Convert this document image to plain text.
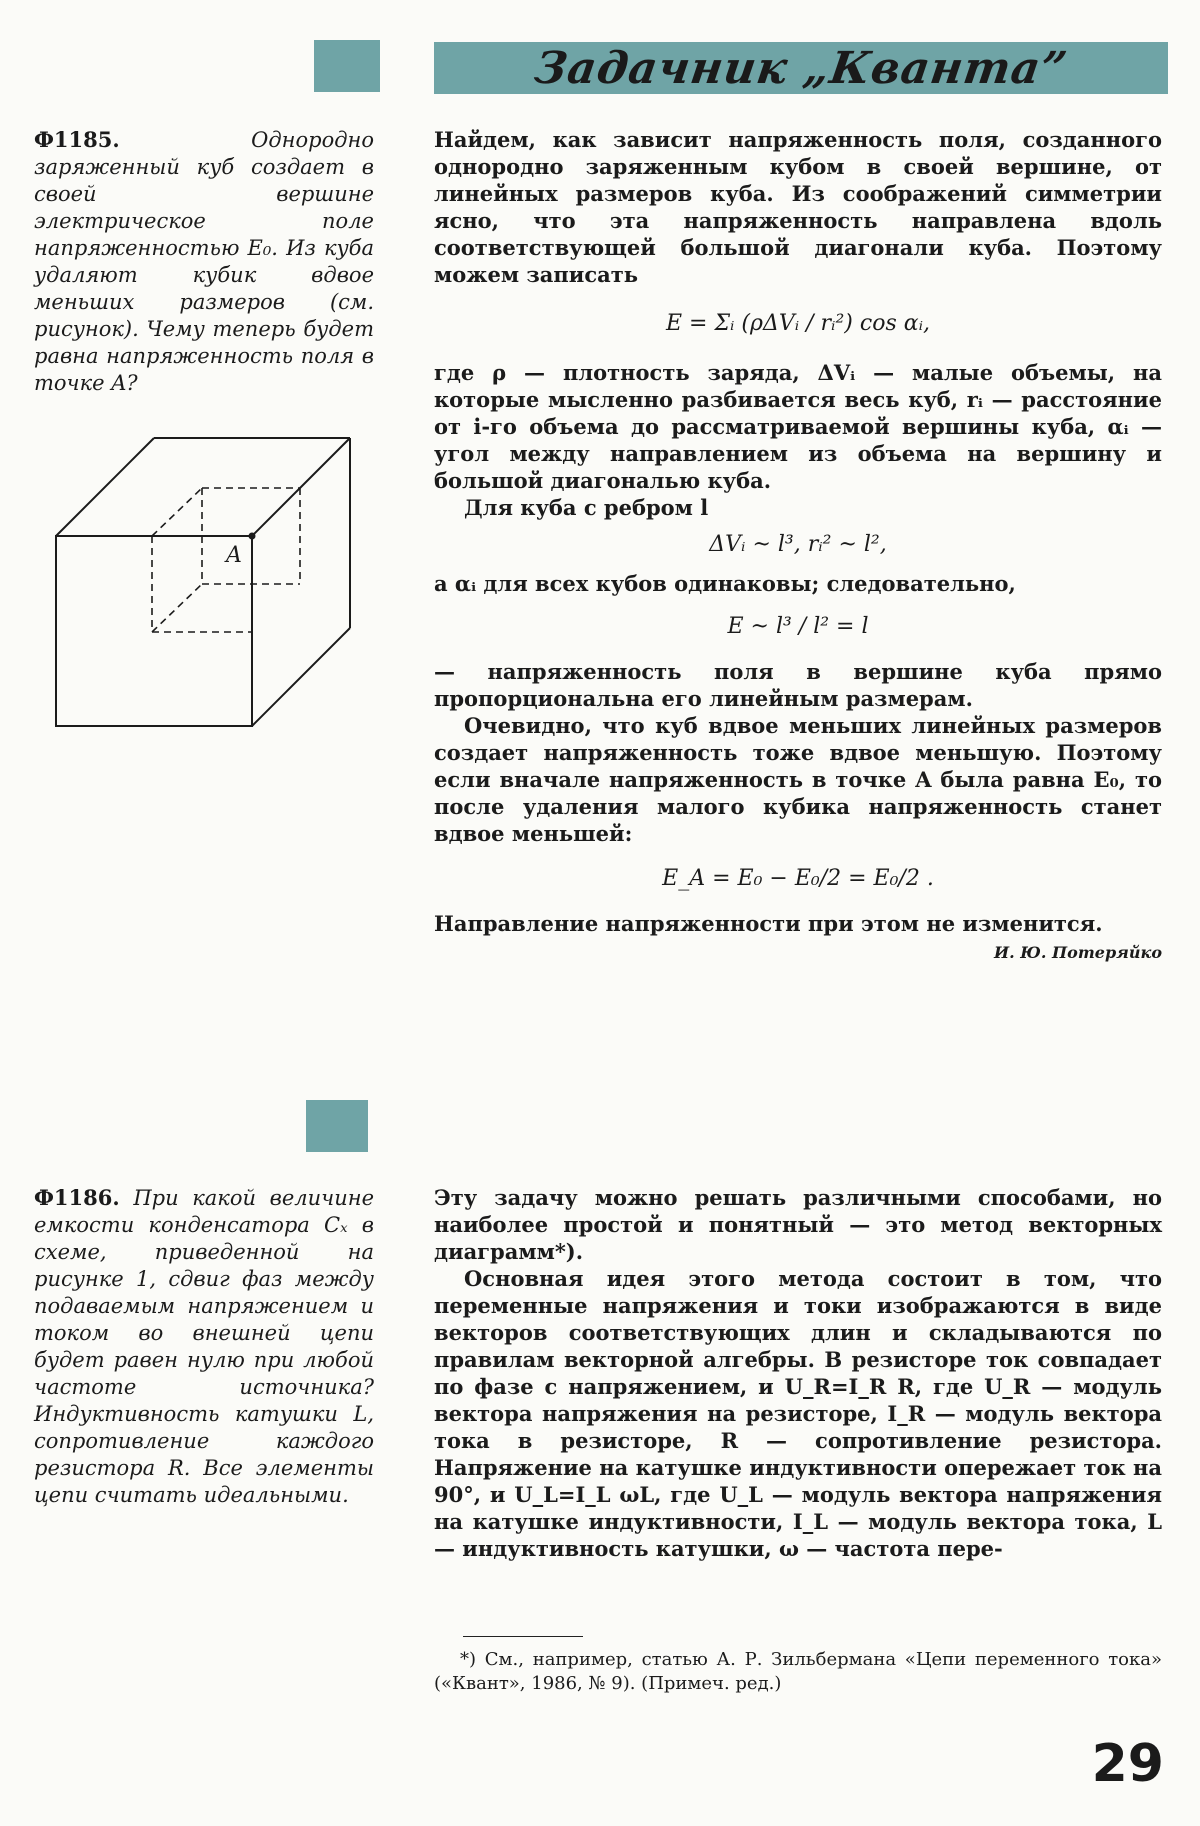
Задачник „Кванта”
Ф1185.	Однородно заряженный куб создает в своей вершине электрическое поле напряженностью E₀. Из куба удаляют кубик вдвое меньших размеров (см. рисунок). Чему теперь будет равна напряженность поля в точке A?
A

Найдем, как зависит напряженность поля, созданного однородно заряженным кубом в своей вершине, от линейных размеров куба. Из соображений симметрии ясно, что эта напряженность направлена вдоль соответствующей большой диагонали куба. Поэтому можем записать

E = Σᵢ (ρΔVᵢ / rᵢ²) cos αᵢ,

где ρ — плотность заряда, ΔVᵢ — малые объемы, на которые мысленно разбивается весь куб, rᵢ — расстояние от i-го объема до рассматриваемой вершины куба, αᵢ — угол между направлением из объема на вершину и большой диагональю куба.

Для куба с ребром l

ΔVᵢ ~ l³, rᵢ² ~ l²,

а αᵢ для всех кубов одинаковы; следовательно,

E ~ l³ / l² = l

— напряженность поля в вершине куба прямо пропорциональна его линейным размерам.

Очевидно, что куб вдвое меньших линейных размеров создает напряженность тоже вдвое меньшую. Поэтому если вначале напряженность в точке A была равна E₀, то после удаления малого кубика напряженность станет вдвое меньшей:

E_A = E₀ − E₀/2 = E₀/2 .

Направление напряженности при этом не изменится.

И. Ю. Потеряйко
Ф1186. При какой величине емкости конденсатора Cₓ в схеме, приведенной на рисунке 1, сдвиг фаз между подаваемым напряжением и током во внешней цепи будет равен нулю при любой частоте источника? Индуктивность катушки L, сопротивление каждого резистора R. Все элементы цепи считать идеальными.

Эту задачу можно решать различными способами, но наиболее простой и понятный — это метод векторных диаграмм*).

Основная идея этого метода состоит в том, что переменные напряжения и токи изображаются в виде векторов соответствующих длин и складываются по правилам векторной алгебры. В резисторе ток совпадает по фазе с напряжением, и U_R=I_R R, где U_R — модуль вектора напряжения на резисторе, I_R — модуль вектора тока в резисторе, R — сопротивление резистора. Напряжение на катушке индуктивности опережает ток на 90°, и U_L=I_L ωL, где U_L — модуль вектора напряжения на катушке индуктивности, I_L — модуль вектора тока, L — индуктивность катушки, ω — частота пере-

*) См., например, статью А. Р. Зильбермана «Цепи переменного тока» («Квант», 1986, № 9). (Примеч. ред.)
29
